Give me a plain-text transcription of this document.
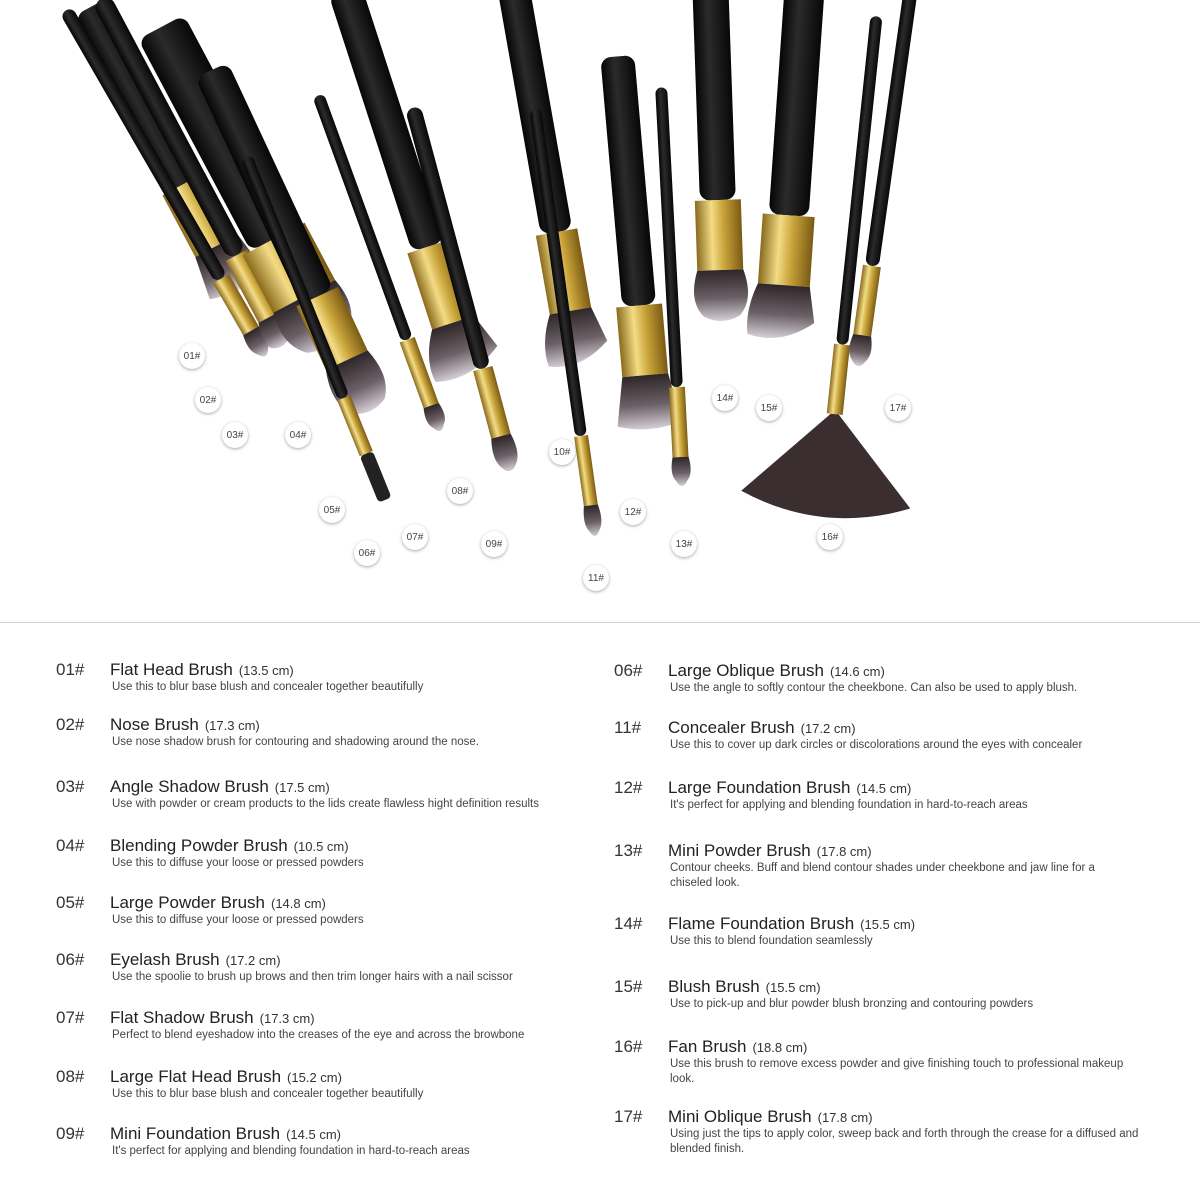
01#
02#
03#	04#
05#
06#
07#
08#
09#
10#
11#
12#
13#
14#
15#
16#
17#
01# Flat Head Brush (13.5 cm)
Use this to blur base blush and concealer together beautifully
02# Nose Brush (17.3 cm)
Use nose shadow brush for contouring and shadowing around the nose.
03# Angle Shadow Brush (17.5 cm)
Use with powder or cream products to the lids create flawless hight definition results
04# Blending Powder Brush (10.5 cm)
Use this to diffuse your loose or pressed powders
05# Large Powder Brush (14.8 cm)
Use this to diffuse your loose or pressed powders
06# Eyelash Brush (17.2 cm)
Use the spoolie to brush up brows and then trim longer hairs with a nail scissor
07# Flat Shadow Brush (17.3 cm)
Perfect to blend eyeshadow into the creases of the eye and across the browbone
08# Large Flat Head Brush (15.2 cm)
Use this to blur base blush and concealer together beautifully
09# Mini Foundation Brush (14.5 cm)
It's perfect for applying and blending foundation in hard-to-reach areas
06# Large Oblique Brush (14.6 cm)
Use the angle to softly contour the cheekbone. Can also be used to apply blush.
11# Concealer Brush (17.2 cm)
Use this to cover up dark circles or discolorations around the eyes with concealer
12# Large Foundation Brush (14.5 cm)
It's perfect for applying and blending foundation in hard-to-reach areas
13# Mini Powder Brush (17.8 cm)
Contour cheeks. Buff and blend contour shades under cheekbone and jaw line for a chiseled look.
14# Flame Foundation Brush (15.5 cm)
Use this to blend foundation seamlessly
15# Blush Brush (15.5 cm)
Use to pick-up and blur powder blush bronzing and contouring powders
16# Fan Brush (18.8 cm)
Use this brush to remove excess powder and give finishing touch to professional makeup look.
17# Mini Oblique Brush (17.8 cm)
Using just the tips to apply color, sweep back and forth through the crease for a diffused and blended finish.
